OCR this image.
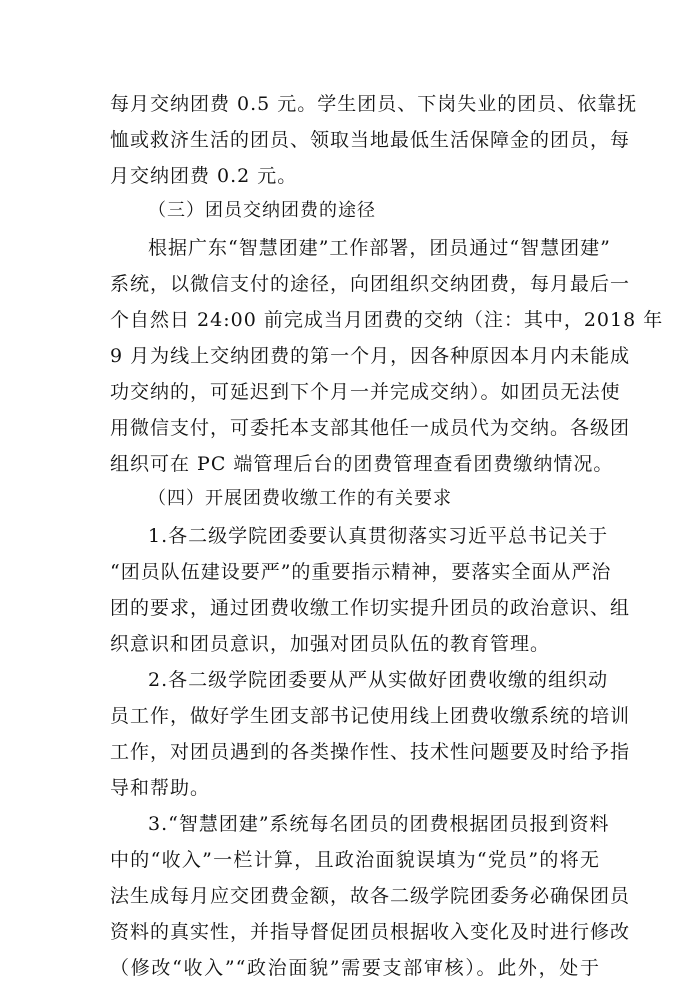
每月交纳团费 0.5 元。学生团员、下岗失业的团员、依靠抚
恤或救济生活的团员、领取当地最低生活保障金的团员，每
月交纳团费 0.2 元。
（三）团员交纳团费的途径
根据广东“智慧团建”工作部署，团员通过“智慧团建”
系统，以微信支付的途径，向团组织交纳团费，每月最后一
个自然日 24:00 前完成当月团费的交纳（注：其中，2018 年
9 月为线上交纳团费的第一个月，因各种原因本月内未能成
功交纳的，可延迟到下个月一并完成交纳）。如团员无法使
用微信支付，可委托本支部其他任一成员代为交纳。各级团
组织可在 PC 端管理后台的团费管理查看团费缴纳情况。
（四）开展团费收缴工作的有关要求
1.各二级学院团委要认真贯彻落实习近平总书记关于
“团员队伍建设要严”的重要指示精神，要落实全面从严治
团的要求，通过团费收缴工作切实提升团员的政治意识、组
织意识和团员意识，加强对团员队伍的教育管理。
2.各二级学院团委要从严从实做好团费收缴的组织动
员工作，做好学生团支部书记使用线上团费收缴系统的培训
工作，对团员遇到的各类操作性、技术性问题要及时给予指
导和帮助。
3.“智慧团建”系统每名团员的团费根据团员报到资料
中的“收入”一栏计算，且政治面貌误填为“党员”的将无
法生成每月应交团费金额，故各二级学院团委务必确保团员
资料的真实性，并指导督促团员根据收入变化及时进行修改
（修改“收入”“政治面貌”需要支部审核）。此外，处于
